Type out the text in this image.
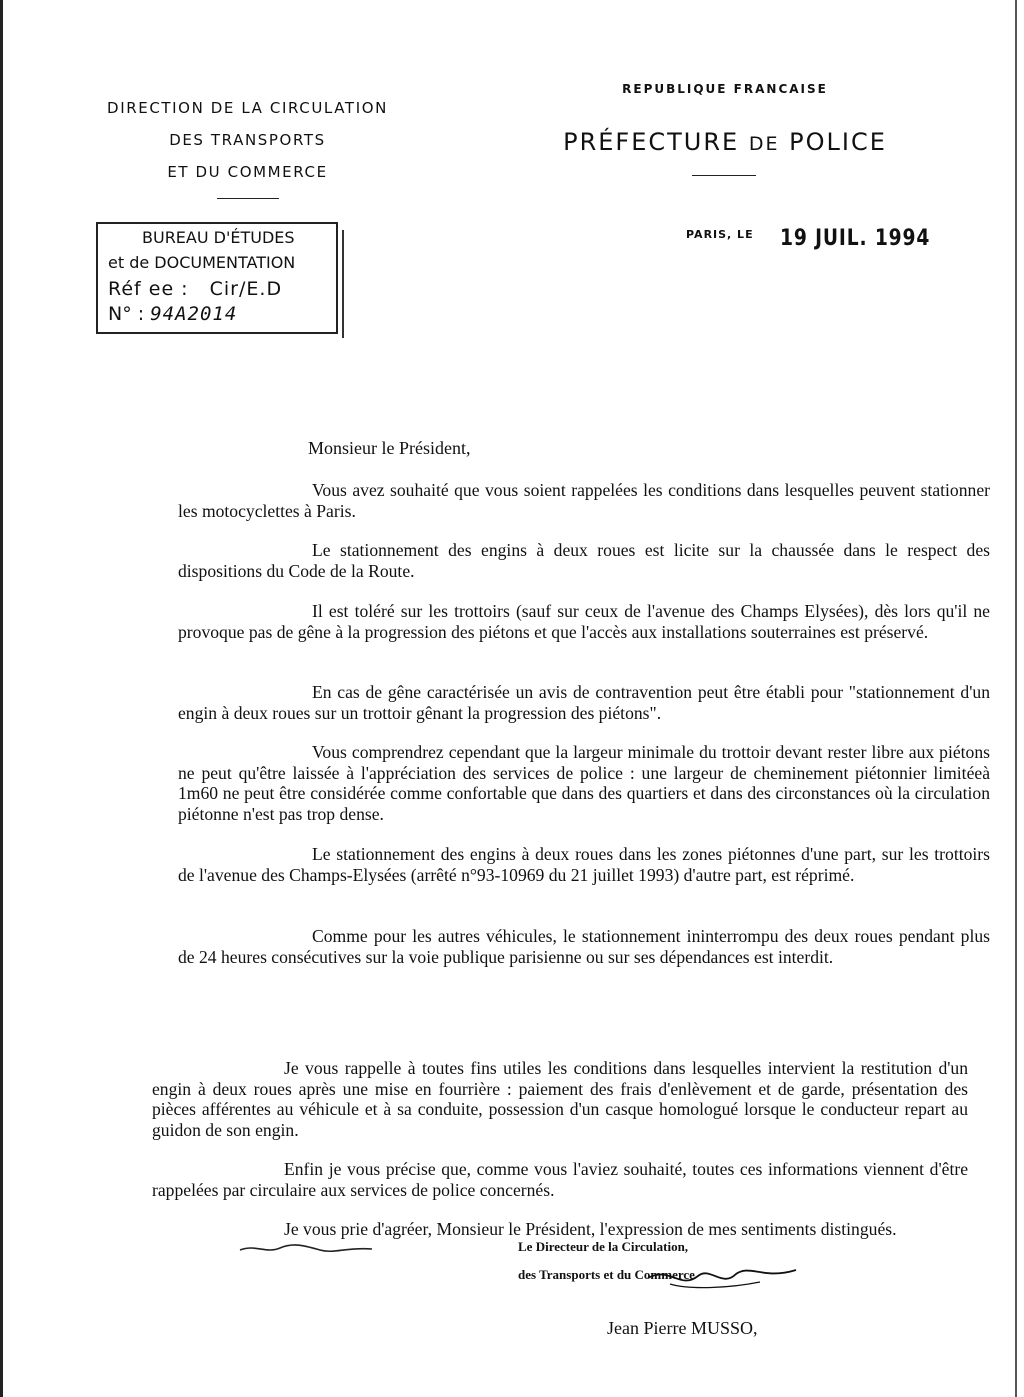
DIRECTION DE LA CIRCULATION
DES TRANSPORTS
ET DU COMMERCE
REPUBLIQUE FRANCAISE
PRÉFECTURE DE POLICE
BUREAU D'ÉTUDES
et de DOCUMENTATION
Réf ee : Cir/E.D
N° : 94A2014
PARIS, LE 19 JUIL. 1994
Monsieur le Président,
Vous avez souhaité que vous soient rappelées les conditions dans lesquelles peuvent stationner les motocyclettes à Paris.
Le stationnement des engins à deux roues est licite sur la chaussée dans le respect des dispositions du Code de la Route.
Il est toléré sur les trottoirs (sauf sur ceux de l'avenue des Champs Elysées), dès lors qu'il ne provoque pas de gêne à la progression des piétons et que l'accès aux installations souterraines est préservé.
En cas de gêne caractérisée un avis de contravention peut être établi pour "stationnement d'un engin à deux roues sur un trottoir gênant la progression des piétons".
Vous comprendrez cependant que la largeur minimale du trottoir devant rester libre aux piétons ne peut qu'être laissée à l'appréciation des services de police : une largeur de cheminement piétonnier limitéeà 1m60 ne peut être considérée comme confortable que dans des quartiers et dans des circonstances où la circulation piétonne n'est pas trop dense.
Le stationnement des engins à deux roues dans les zones piétonnes d'une part, sur les trottoirs de l'avenue des Champs-Elysées (arrêté n°93-10969 du 21 juillet 1993) d'autre part, est réprimé.
Comme pour les autres véhicules, le stationnement ininterrompu des deux roues pendant plus de 24 heures consécutives sur la voie publique parisienne ou sur ses dépendances est interdit.
Je vous rappelle à toutes fins utiles les conditions dans lesquelles intervient la restitution d'un engin à deux roues après une mise en fourrière : paiement des frais d'enlèvement et de garde, présentation des pièces afférentes au véhicule et à sa conduite, possession d'un casque homologué lorsque le conducteur repart au guidon de son engin.
Enfin je vous précise que, comme vous l'aviez souhaité, toutes ces informations viennent d'être rappelées par circulaire aux services de police concernés.
Je vous prie d'agréer, Monsieur le Président, l'expression de mes sentiments distingués.
Le Directeur de la Circulation,
des Transports et du Commerce
Jean Pierre MUSSO,
